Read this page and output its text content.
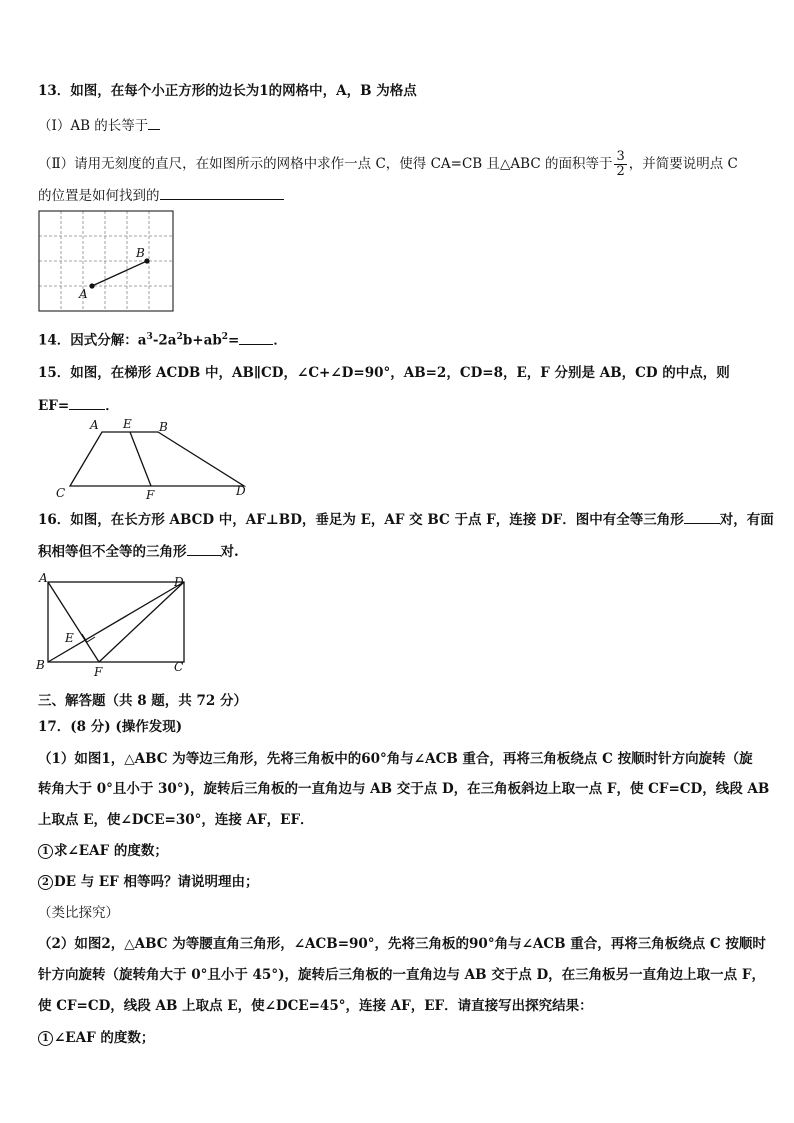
13．如图，在每个小正方形的边长为1的网格中，A，B 为格点
（Ⅰ）AB 的长等于
（Ⅱ）请用无刻度的直尺，在如图所示的网格中求作一点 C，使得 CA=CB 且△ABC 的面积等于 $\frac{3}{2}$ ，并简要说明点 C
的位置是如何找到的
A
B
14．因式分解：$a^3-2a^2b+ab^2=$	．
15．如图，在梯形 ACDB 中，AB∥CD，∠C+∠D=90°，AB=2，CD=8，E，F 分别是 AB，CD 的中点，则
EF=	．
A E B
C	F	D
16．如图，在长方形 ABCD 中，AF⊥BD，垂足为 E，AF 交 BC 于点 F，连接 DF．图中有全等三角形	对，有面
积相等但不全等的三角形	对.
A	D
E
B	F	C
三、解答题（共 8 题，共 72 分）
17．(8 分) (操作发现)
（1）如图1，△ABC 为等边三角形，先将三角板中的60°角与∠ACB 重合，再将三角板绕点 C 按顺时针方向旋转（旋
转角大于 0°且小于 30°)，旋转后三角板的一直角边与 AB 交于点 D，在三角板斜边上取一点 F，使 CF=CD，线段 AB
上取点 E，使∠DCE=30°，连接 AF，EF．
1 求∠EAF 的度数；
2 DE 与 EF 相等吗？请说明理由；
（类比探究）
（2）如图2，△ABC 为等腰直角三角形，∠ACB=90°，先将三角板的90°角与∠ACB 重合，再将三角板绕点 C 按顺时
针方向旋转（旋转角大于 0°且小于 45°)，旋转后三角板的一直角边与 AB 交于点 D，在三角板另一直角边上取一点 F，
使 CF=CD，线段 AB 上取点 E，使∠DCE=45°，连接 AF，EF．请直接写出探究结果：
1 ∠EAF 的度数；
